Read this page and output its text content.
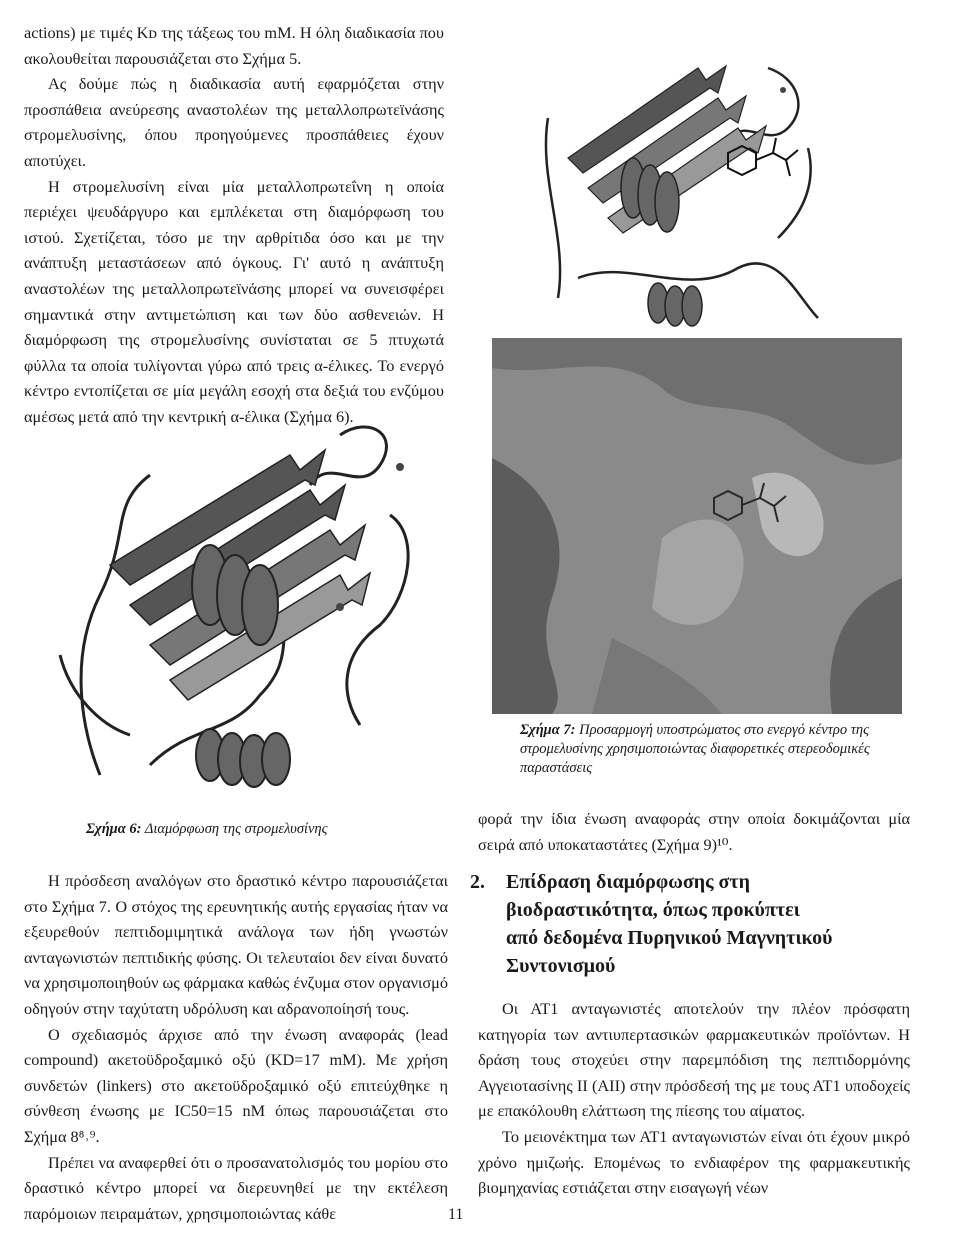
actions) με τιμές Kᴅ της τάξεως του mM. Η όλη διαδικασία που ακολουθείται παρουσιάζεται στο Σχήμα 5.

Ας δούμε πώς η διαδικασία αυτή εφαρμόζεται στην προσπάθεια ανεύρεσης αναστολέων της μεταλλοπρωτεϊνάσης στρομελυσίνης, όπου προηγούμενες προσπάθειες έχουν αποτύχει.

Η στρομελυσίνη είναι μία μεταλλοπρωτεΐνη η οποία περιέχει ψευδάργυρο και εμπλέκεται στη διαμόρφωση του ιστού. Σχετίζεται, τόσο με την αρθρίτιδα όσο και με την ανάπτυξη μεταστάσεων από όγκους. Γι' αυτό η ανάπτυξη αναστολέων της μεταλλοπρωτεϊνάσης μπορεί να συνεισφέρει σημαντικά στην αντιμετώπιση και των δύο ασθενειών. Η διαμόρφωση της στρομελυσίνης συνίσταται σε 5 πτυχωτά φύλλα τα οποία τυλίγονται γύρω από τρεις α-έλικες. Το ενεργό κέντρο εντοπίζεται σε μία μεγάλη εσοχή στα δεξιά του ενζύμου αμέσως μετά από την κεντρική α-έλικα (Σχήμα 6).

Σχήμα 6: Διαμόρφωση της στρομελυσίνης
Σχήμα 7: Προσαρμογή υποστρώματος στο ενεργό κέντρο της στρομελυσίνης χρησιμοποιώντας διαφορετικές στερεοδομικές παραστάσεις

φορά την ίδια ένωση αναφοράς στην οποία δοκιμάζονται μία σειρά από υποκαταστάτες (Σχήμα 9)¹⁰.

2. Επίδραση διαμόρφωσης στη
βιοδραστικότητα, όπως προκύπτει
από δεδομένα Πυρηνικού Μαγνητικού
Συντονισμού

Η πρόσδεση αναλόγων στο δραστικό κέντρο παρουσιάζεται στο Σχήμα 7. Ο στόχος της ερευνητικής αυτής εργασίας ήταν να εξευρεθούν πεπτιδομιμητικά ανάλογα των ήδη γνωστών ανταγωνιστών πεπτιδικής φύσης. Οι τελευταίοι δεν είναι δυνατό να χρησιμοποιηθούν ως φάρμακα καθώς ένζυμα στον οργανισμό οδηγούν στην ταχύτατη υδρόλυση και αδρανοποίησή τους.

Ο σχεδιασμός άρχισε από την ένωση αναφοράς (lead compound) ακετοϋδροξαμικό οξύ (KD=17 mM). Με χρήση συνδετών (linkers) στο ακετοϋδροξαμικό οξύ επιτεύχθηκε η σύνθεση ένωσης με IC50=15 nM όπως παρουσιάζεται στο Σχήμα 8⁸˒⁹.

Πρέπει να αναφερθεί ότι ο προσανατολισμός του μορίου στο δραστικό κέντρο μπορεί να διερευνηθεί με την εκτέλεση παρόμοιων πειραμάτων, χρησιμοποιώντας κάθε

Οι ΑΤ1 ανταγωνιστές αποτελούν την πλέον πρόσφατη κατηγορία των αντιυπερτασικών φαρμακευτικών προϊόντων. Η δράση τους στοχεύει στην παρεμπόδιση της πεπτιδορμόνης Αγγειοτασίνης ΙΙ (ΑΙΙ) στην πρόσδεσή της με τους ΑΤ1 υποδοχείς με επακόλουθη ελάττωση της πίεσης του αίματος.

Το μειονέκτημα των ΑΤ1 ανταγωνιστών είναι ότι έχουν μικρό χρόνο ημιζωής. Επομένως το ενδιαφέρον της φαρμακευτικής βιομηχανίας εστιάζεται στην εισαγωγή νέων

11
